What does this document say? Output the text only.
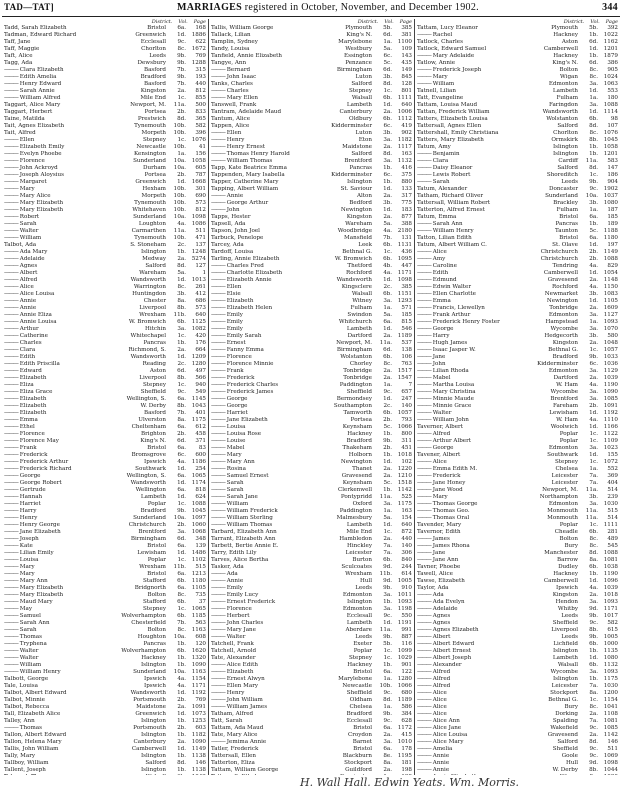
TAD—TAT]	MARRIAGES registered in October, November, and December 1902.	344
District. Vol. Page
Tadd, Sarah Elizabeth	Bristol	6a.	168
Tadman, Edward Richard	Greenwich	1d.	1886
Taff, Jane	Ecclesall	9c.	622
Taff, Maggie	Chorlton	8c.	1672
Taft, Alice	Leeds	9b.	769
Tagg, Ada	Dewsbury	9b.	1288
——— Clara Elizabeth	Basford	7b.	315
——— Edith Amelia	Bradford	9b.	193
——— Henry Edward	Basford	7b.	440
——— Sarah Annie	Kingston	2a.	812
——— William Alfred	Mile End	1c.	855
Taggart, Alice Mary	Newport, M.	11a.	500
Taggart, Herbert	Portsea	2b.	833
Taine, Matilda	Prestwich	8d.	365
Tait, Agnes Elizabeth	Tynemouth	10b.	582
Tait, Alfred	Morpeth	10b.	396
——— Ellen	Stepney	1c.	1076
——— Elizabeth Emily	Newcastle	10b.	41
——— Evelyn Phoebe	Kensington	1a.	156
——— Florence	Sunderland	10a.	1058
——— John Ackroyd	Durham	10a.	605
——— Joseph Aloysius	Portsea	2b.	787
——— Margaret	Greenwich	1d.	1668
——— Mary	Hexham	10b.	301
——— Mary Alice	Morpeth	10b.	690
——— Mary Elizabeth	Tynemouth	10b.	573
——— Mary Elizabeth	Whitehaven	10b.	812
——— Robert	Sunderland	10a.	1098
——— Sarah	Loughton	4a.	1086
——— Walter	Carmarthen	11a.	511
——— William	Tynemouth	10b.	471
Talbot, Ada	S. Stoneham	2c.	137
——— Ada Mary	Islington	1b.	1248
——— Adelaide	Medway	2a.	5274
——— Agnes	Salford	8d.	127
——— Albert	Wareham	5a.	1
——— Alfred	Wandsworth	1d.	1013
——— Alice	Warrington	8c.	261
——— Alice Louisa	Huntingdon	3b.	412
——— Annie	Chester	8a.	686
——— Annie	Liverpool	8b.	573
——— Annie Eliza	Wrexham	11b.	640
——— Annie Louisa	W. Bromwich	6b.	1125
——— Arthur	Hitchin	3a.	1082
——— Catherine	Whitechapel	1c.	420
——— Charles	Pancras	1b.	176
——— Clara	Richmond, S.	2a.	664
——— Edith	Wandsworth	1d.	1209
——— Edith Priscilla	Reading	2c.	1280
——— Edward	Aston	6d.	497
——— Elizabeth	Liverpool	8b.	566
——— Eliza	Stepney	1c.	940
——— Eliza Grace	Sheffield	9c.	549
——— Elizabeth	Wellington, S.	6a.	1145
——— Elizabeth	W. Derby	8b.	1043
——— Elizabeth	Basford	7b.	401
——— Emma	Ulverston	8a.	1175
——— Ethel	Cheltenham	6a.	612
——— Florence	Brighton	2b.	458
——— Florence May	King's N.	6d.	371
——— Frank	Bristol	6a.	83
——— Frederick	Bromsgrove	6c.	600
——— Frederick Arthur	Ipswich	4a.	1186
——— Frederick Richard	Southwark	1d.	254
——— George	Wellington, S.	6a.	1065
——— George Robert	Wandsworth	1d.	1174
——— Gertrude	Wellington	6a.	818
——— Hannah	Lambeth	1d.	624
——— Harriet	Poplar	1c.	1088
——— Harry	Bradford	9b.	1045
——— Henry	Sunderland	10a.	1097
——— Henry George	Christchurch	2b.	1060
——— Jane Elizabeth	Brentford	3a.	1068
——— Joseph	Birmingham	6d.	348
——— Kate	Bristol	6a.	139
——— Lilian Emily	Lewisham	1d.	1486
——— Louisa	Poplar	1c.	1102
——— Mary	Wrexham	11b.	515
——— Mary	Bristol	6a.	1213
——— Mary Ann	Stafford	6b.	1180
——— Mary Elizabeth	Bridgnorth	6a.	1105
——— Mary Elizabeth	Bolton	8c.	735
——— Maud Mary	Stafford	6b.	37
——— May	Stepney	1c.	1065
——— Samuel	Wolverhampton	6b.	1185
——— Sarah Ann	Chesterfield	7b.	563
——— Sarah	Bolton	8c.	1163
——— Thomas	Houghton	10a.	608
——— Tryphena	Pancras	1b.	120
——— Walter	Wolverhampton	6b.	1620
——— Walter	Hackney	1b.	1320
——— William	Islington	1b.	1090
——— William Henry	Sunderland	10a.	1163
Talbott, George	Ipswich	4a.	1154
Tale, Louisa	Ipswich	4a.	1171
Talbot, Albert Edward	Wandsworth	1d.	1192
Talbot, Minnie	Portsmouth	2b.	769
Talbot, Rebecca	Maidstone	2a.	1091
Tall, Elizabeth Alice	Greenwich	1d.	1073
Talley, Ann	Islington	1b.	1253
——— Thomas	Portsmouth	2b.	603
Tallon, Albert Edward	Islington	1b.	1182
Tallon, Helena Mary	Canterbury	2a.	1090
Tallis, John William	Camberwell	1d.	1149
Tally, Mary	Islington	1b.	1138
Tallboy, William	Salford	8d.	146
Tallent, Joseph	Islington	1b.	1138
District. Vol. Page
Tallis, William George	Plymouth	5b.	385
Tallack, Lilian	King's N.	6d.	381
Tamplin, Sydney	Marylebone	1a.	1100
Tandy, Louisa	Westbury	5a.	109
Tanfield, Annie Elizabeth	Essington	6c.	143
Tangye, Ann	Penzance	5c.	435
——— Bernard	Birmingham	6d.	149
——— John Isaac	Luton	3b.	845
Tanks, Charles	Salford	8d.	128
——— Charles	Stepney	1c.	801
——— Mary Ellen	Walsall	6b.	1111
Tanswell, Frank	Lambeth	1d.	640
Tantram, Adelaide Maud	Canterbury	2a.	1006
Tantum, Alice	Oldbury	6b.	1112
Tappen, Alice	Kidderminster	6c.	419
——— Ellen	Luton	3b.	902
——— Henry	Eton	3a.	1182
——— Henry Ernest	Maidstone	2a.	1117
——— Thomas Henry Harold	Salford	8d.	163
——— William Thomas	Brentford	3a.	1132
Tapp, Kate Beatrice Emma	Pancras	1b.	416
Tappenden, Mary Isabella	Kidderminster	6c.	375
Tapper, Catherine Mary	Islington	1b.	880
Tapping, Albert William	St. Saviour	1d.	133
——— Annie	Alton	2a.	317
——— George Arthur	Bedford	3b.	775
——— John	Newington	1d.	183
Tapps, Hester	Kingston	2a.	877
Tapsell, Ada	Wareham	5a.	388
Tapson, John Joel	Woodbridge	4a.	2180
Tarbuck, Penelope	Mansfield	7b.	131
Tarcey, Ada	Leek	6b.	1131
Tardoff, Louisa	Bethnal G.	1c.	436
Tarling, Annie Elizabeth	W. Bromwich	6b.	1095
——— Charles Fred	Thetford	4b.	447
——— Charlotte Elizabeth	Rochford	4a.	1171
——— Elizabeth Annie	Wandsworth	1d.	1098
——— Ellen	Kingsclere	2c.	385
——— Elsie	Walsall	6b.	1151
——— Elizabeth	Witney	3a.	1293
——— Elizabeth Helen	Fulham	1a.	571
——— Emily	Swindon	5a.	185
——— Emily	Whitchurch	6a.	815
——— Emily	Lambeth	1d.	546
——— Emily Sarah	Dartford	2a.	1189
——— Ernest	Newport, M.	11a.	537
——— Fanny Emma	Birmingham	6d.	138
——— Florence	Wolstanton	6b.	106
——— Florence Minnie	Chorley	8c.	763
——— Frank	Tonbridge	2a.	1517
——— Frederick	Tonbridge	2a.	1547
——— Frederick Charles	Paddington	1a.	7
——— Frederick James	Sheffield	9c.	657
——— George	Bermondsey	1d.	247
——— George	Southampton	2c.	140
——— Harriet	Tamworth	6b.	1057
——— Jane Elizabeth	Portsea	2b.	793
——— Louisa	Keynsham	5c.	1066
——— Louisa Rose	Hackney	1b.	800
——— Louise	Bradford	9b.	311
——— Mabel	Thakeham	2b.	451
——— Mary	Holborn	1b.	1018
——— Mary Ann	Newington	1d.	102
——— Rosina	Thanet	2a.	1220
——— Samuel Ernest	Gravesend	2a.	1210
——— Sarah	Keynsham	5c.	1518
——— Sarah	Clerkenwell	1b.	1142
——— Sarah Jane	Pontypridd	11a.	525
——— William	Oxford	3a.	1175
——— William Frederick	Paddington	1a.	163
——— William Sterling	Malmesbury	5a.	154
——— William Thomas	Lambeth	1d.	640
Tarbard, Elizabeth Ann	Mile End	1c.	872
Tarrant, Elizabeth Ann	Hambledon	2a.	440
Tarbett, Bertie Annie E.	Hinckley	7a.	140
Tarry, Edith Lily	Leicester	7a.	306
Tarves, Alice Bertha	Burton	6b.	840
Tasker, Ada	Sculcoates	9d.	244
——— Ada	Wrexham	11b.	614
——— Annie	Hull	9d.	1005
——— Emily	Leeds	9b.	910
——— Emily Lucy	Edmonton	3a.	1011
——— Ernest Frederick	Islington	1b.	1093
——— Florence	Edmonton	3a.	1198
——— Herbert	Ecclesall	9c.	550
——— John Charles	Lambeth	1d.	1191
——— Mary Jane	Aberdare	11a.	991
——— Walter	Leeds	9b.	887
Tatchell, Frank	Exeter	5b.	116
Tatchell, Arnold	Poplar	1c.	1099
Tate, Alexander	Stepney	1c.	1029
——— Alice Edith	Hackney	1b.	901
——— Elizabeth	Bristol	6a.	122
——— Ernest Alwyn	Marylebone	1a.	1280
——— Ellen Mary	Newcastle	10b.	1066
——— Henry	Sheffield	9c.	680
——— John William	Oldham	8d.	1189
——— William James	Chelsea	1a.	586
Tatham, Alfred	Bradford	9b.	384
Tatt, Sarah	Ecclesall	9c.	628
Tattam, Ada Maud	Bristol	6a.	1172
Tate, Mary Alice	Croydon	2a.	415
——— Jemima Annie	Barnet	3a.	1010
Tatler, Frederick	Bristol	6a.	178
Tattersall, Ellen	Blackburn	8e.	1195
Tatterton, Eliza	Stockport	8a.	181
Tattam, William George	Guildford	2a.	198
District. Vol. Page
Tattam, Lucy Eleanor	Plymouth	5b.	392
——— Rachel	Hackney	1b.	1022
Tatlock, Charles	Aston	6d.	1162
Tatlock, Edward Samuel	Camberwell	1d.	1201
——— Mary Adelaide	Hackney	1b.	1879
Tatlow, Annie	King's N.	6d.	386
——— Frederick Joseph	Bolton	8c.	905
——— Mary	Wigan	8c.	1024
——— William	Edmonton	3a.	1063
Tatnell, Lilian	Lambeth	1d.	553
Tatt, Evangeline	Fulham	1a.	180
Tattam, Louisa Maud	Faringdon	3a.	1088
Tattan, Frederick William	Wandsworth	1d.	1114
Tatters, Elizabeth Louisa	Wolstanton	6b.	98
Tattersall, Agnes Ellen	Salford	8d.	107
Tattershall, Emily Christiana	Chorlton	8c.	1076
Tatters, Mary Elizabeth	Ormskirk	8b.	1045
Tatum, Amy	Islington	1b.	1058
——— Benjamin	Islington	1b.	1201
——— Clara	Cardiff	11a.	583
——— Daisy Eleanor	Salford	8d.	147
——— Lewis Robert	Shoreditch	1c.	186
——— Sarah	Leeds	9b.	904
Tatum, Alexander	Doncaster	9c.	1902
Tatham, Richard Oliver	Sunderland	10a.	1037
Tattersall, William Robert	Brackley	3b.	1080
Tatterton, Alfred Ernest	Fulham	1a.	187
Tatum, Emma	Bristol	6a.	185
——— Sarah Ann	Pancras	1b.	189
——— William Henry	Taunton	5c.	1188
Tatton, Lilian Edith	Bristol	6a.	1180
Tatum, Albert William C.	St. Olave	1d.	197
——— Alice	Christchurch	2b.	1149
——— Amy	Christchurch	2b.	1088
——— Caroline	Tendring	4a.	829
——— Edith	Camberwell	1d.	1054
——— Edmund	Gravesend	2a.	1148
——— Edwin Walter	Rochford	4a.	1150
——— Ellen Charlotte	Newmarket	3b.	1083
——— Emma	Newington	1d.	1105
——— Francis, Llewellyn	Tonbridge	2a.	1609
——— Frank Arthur	Edmonton	3a.	1127
——— Frederick Henry Foster	Hampstead	1a.	1093
——— George	Wycombe	3a.	1070
——— Harry	Hedgecorth	3b.	580
——— Hugh James	Kingston	2a.	1048
——— Isaac Jasper W.	Bethnal G.	1c.	1057
——— Jane	Bradford	9b.	1033
——— John	Kidderminster	6c.	1036
——— Lilian Rhoda	Edmonton	3a.	1129
——— Mabel	Dartford	2a.	1039
——— Martha Louisa	W. Ham	4a.	1190
——— Mary Christina	Wycombe	3a.	1090
——— Minnie Maude	Brentford	3a.	1085
——— Minnie Grace	Fareham	2b.	1091
——— Walter	Lewisham	1d.	1192
——— William John	W. Ham	4a.	1110
Taverner, Albert	Woolwich	1d.	1166
——— Alfred	Poplar	1c.	1122
——— Arthur Albert	Poplar	1c.	1109
——— George	Edmonton	3a.	1023
Tavener, Albert	Southwark	1d.	155
——— Alice	Stepney	1c.	1072
——— Emma Edith M.	Chelsea	1a.	552
——— Frederick	Leicester	7a.	369
——— Jane Honey	Leicester	7a.	404
——— Jane Wood	Newport, M.	11a.	514
——— Mary	Northampton	3b.	239
——— Thomas George	Edmonton	3a.	1030
——— Thomas Geo.	Monmouth	11a.	515
——— Thomas Oral	Monmouth	11a.	514
Tavender, Mary	Poplar	1c.	1111
Tavernor, Edith	Cheadle	6b.	281
——— James	Bolton	8c.	489
——— James Rhona	Bury	8c.	545
——— Jane	Manchester	8d.	1088
——— Jane Ann	Barrow	8a.	1081
Tavner, Phoebe	Dudley	6b.	1038
Tawell, Alice	Hackney	1b.	1190
Tawse, Elizabeth	Camberwell	1d.	1096
Taylor, Ada	Ipswich	4a.	1039
——— Ada	Kingston	2a.	1018
——— Ada Evelyn	Hendon	3a.	1093
——— Adelaide	Whitby	9d.	1171
——— Agnes	Leeds	9b.	1017
——— Agnes	Sheffield	9c.	582
——— Agnes Elizabeth	Liverpool	8b.	615
——— Albert	Leeds	9b.	1005
——— Albert Edward	Lichfield	6b.	1000
——— Albert Ernest	Islington	1b.	1135
——— Albert Joseph	Lambeth	1d.	1080
——— Alexander	Walsall	6b.	1132
——— Alfred	Wycombe	3a.	1093
——— Alfred	Islington	1b.	1175
——— Alfred	Leicester	7a.	1030
——— Alice	Stockport	8a.	1200
——— Alice	Bethnal G.	1c.	1154
——— Alice	Bury	8c.	1041
——— Alice	Dorking	2a.	1108
——— Alice Ann	Spalding	7a.	1081
——— Alice Jane	Wakefield	9c.	1085
——— Alice Louisa	Gravesend	2a.	1142
——— Alice Mary	Salford	8d.	146
——— Amelia	Sheffield	9c.	511
——— Annie	Goole	9c.	1069
——— Annie	Hull	9d.	1098
——— Annie	W. Derby	8b.	1044
———
H. Wall Hall. Edwin Yeats. Wm. Morris.
